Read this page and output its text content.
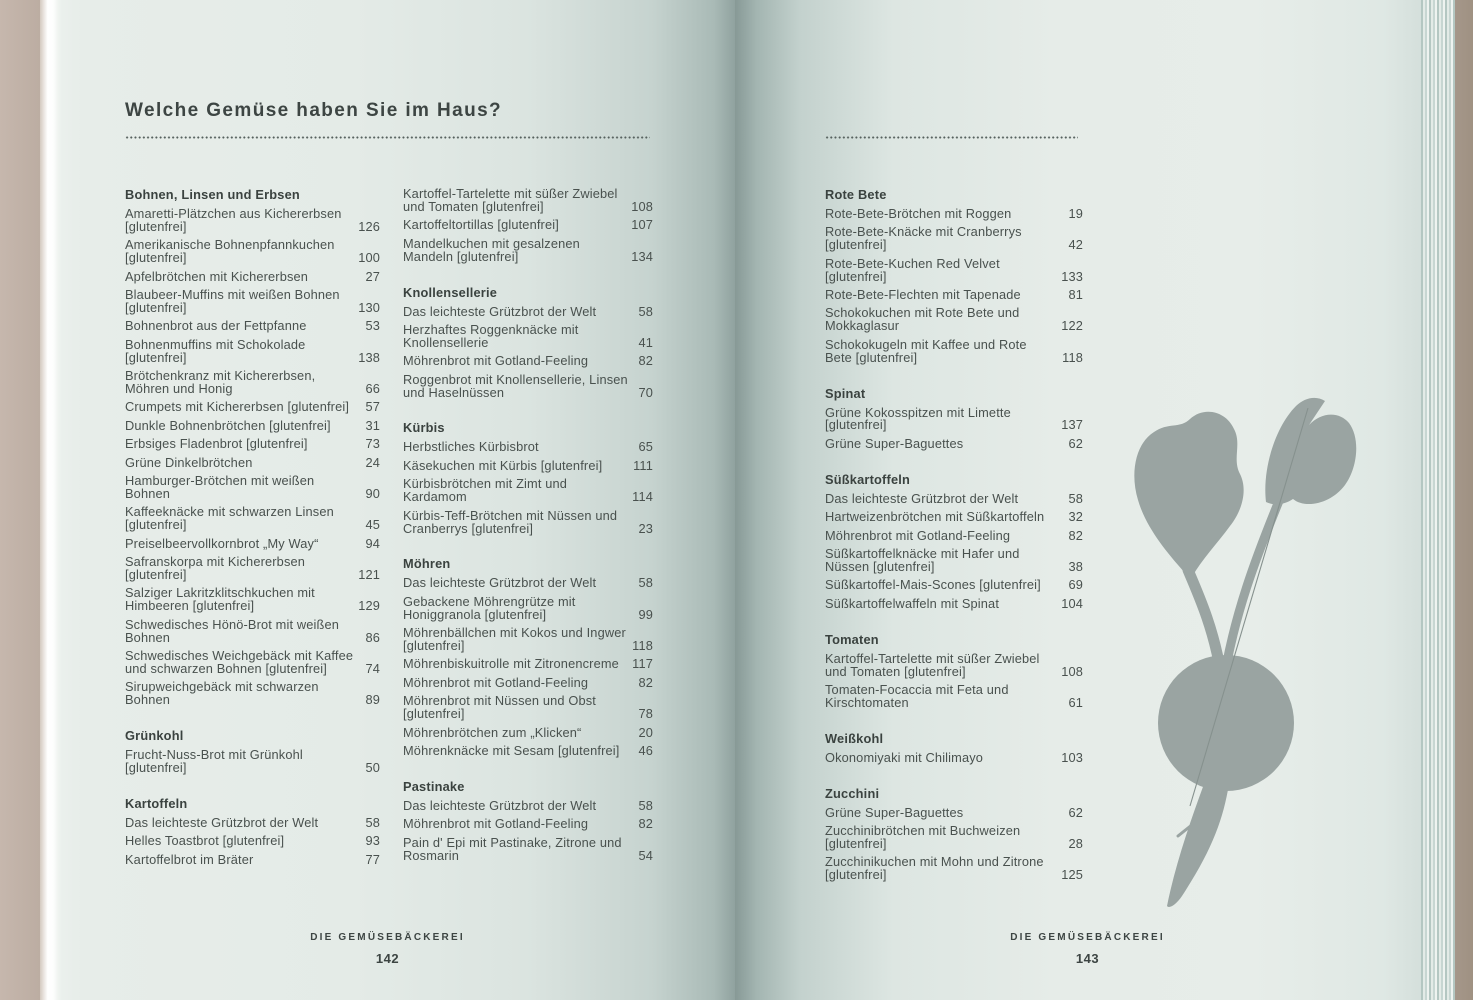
Welche Gemüse haben Sie im Haus?
Bohnen, Linsen und Erbsen
Amaretti-Plätzchen aus Kichererbsen [glutenfrei]	126
Amerikanische Bohnenpfannkuchen [glutenfrei]	100
Apfelbrötchen mit Kichererbsen	27
Blaubeer-Muffins mit weißen Bohnen [glutenfrei]	130
Bohnenbrot aus der Fettpfanne	53
Bohnenmuffins mit Schokolade [glutenfrei]	138
Brötchenkranz mit Kichererbsen, Möhren und Honig	66
Crumpets mit Kichererbsen [glutenfrei]	57
Dunkle Bohnenbrötchen [glutenfrei]	31
Erbsiges Fladenbrot [glutenfrei]	73
Grüne Dinkelbrötchen	24
Hamburger-Brötchen mit weißen Bohnen	90
Kaffeeknäcke mit schwarzen Linsen [glutenfrei]	45
Preiselbeervollkornbrot „My Way“	94
Safranskorpa mit Kichererbsen [glutenfrei]	121
Salziger Lakritzklitschkuchen mit Himbeeren [glutenfrei]	129
Schwedisches Hönö-Brot mit weißen Bohnen	86
Schwedisches Weichgebäck mit Kaffee und schwarzen Bohnen [glutenfrei]	74
Sirupweichgebäck mit schwarzen Bohnen	89
Grünkohl
Frucht-Nuss-Brot mit Grünkohl [glutenfrei]	50
Kartoffeln
Das leichteste Grützbrot der Welt	58
Helles Toastbrot [glutenfrei]	93
Kartoffelbrot im Bräter	77
Kartoffel-Tartelette mit süßer Zwiebel und Tomaten [glutenfrei]	108
Kartoffeltortillas [glutenfrei]	107
Mandelkuchen mit gesalzenen Mandeln [glutenfrei]	134
Knollensellerie
Das leichteste Grützbrot der Welt	58
Herzhaftes Roggenknäcke mit Knollensellerie	41
Möhrenbrot mit Gotland-Feeling	82
Roggenbrot mit Knollensellerie, Linsen und Haselnüssen	70
Kürbis
Herbstliches Kürbisbrot	65
Käsekuchen mit Kürbis [glutenfrei]	111
Kürbisbrötchen mit Zimt und Kardamom	114
Kürbis-Teff-Brötchen mit Nüssen und Cranberrys [glutenfrei]	23
Möhren
Das leichteste Grützbrot der Welt	58
Gebackene Möhrengrütze mit Honiggranola [glutenfrei]	99
Möhrenbällchen mit Kokos und Ingwer [glutenfrei]	118
Möhrenbiskuitrolle mit Zitronencreme	117
Möhrenbrot mit Gotland-Feeling	82
Möhrenbrot mit Nüssen und Obst [glutenfrei]	78
Möhrenbrötchen zum „Klicken“	20
Möhrenknäcke mit Sesam [glutenfrei]	46
Pastinake
Das leichteste Grützbrot der Welt	58
Möhrenbrot mit Gotland-Feeling	82
Pain d' Epi mit Pastinake, Zitrone und Rosmarin	54
Rote Bete
Rote-Bete-Brötchen mit Roggen	19
Rote-Bete-Knäcke mit Cranberrys [glutenfrei]	42
Rote-Bete-Kuchen Red Velvet [glutenfrei]	133
Rote-Bete-Flechten mit Tapenade	81
Schokokuchen mit Rote Bete und Mokkaglasur	122
Schokokugeln mit Kaffee und Rote Bete [glutenfrei]	118
Spinat
Grüne Kokosspitzen mit Limette [glutenfrei]	137
Grüne Super-Baguettes	62
Süßkartoffeln
Das leichteste Grützbrot der Welt	58
Hartweizenbrötchen mit Süßkartoffeln	32
Möhrenbrot mit Gotland-Feeling	82
Süßkartoffelknäcke mit Hafer und Nüssen [glutenfrei]	38
Süßkartoffel-Mais-Scones [glutenfrei]	69
Süßkartoffelwaffeln mit Spinat	104
Tomaten
Kartoffel-Tartelette mit süßer Zwiebel und Tomaten [glutenfrei]	108
Tomaten-Focaccia mit Feta und Kirschtomaten	61
Weißkohl
Okonomiyaki mit Chilimayo	103
Zucchini
Grüne Super-Baguettes	62
Zucchinibrötchen mit Buchweizen [glutenfrei]	28
Zucchinikuchen mit Mohn und Zitrone [glutenfrei]	125
DIE GEMÜSEBÄCKEREI
142
DIE GEMÜSEBÄCKEREI
143
